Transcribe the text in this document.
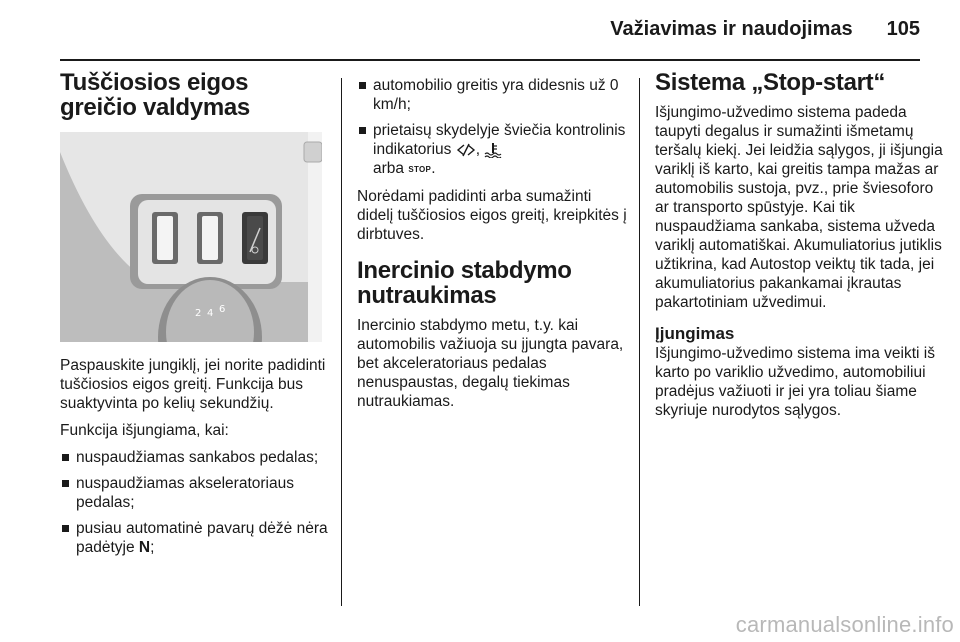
Važiavimas ir naudojimas 105
Tuščiosios eigos greičio valdymas
2 4 6

Paspauskite jungiklį, jei norite padidinti tuščiosios eigos greitį. Funkcija bus suaktyvinta po kelių sekundžių.

Funkcija išjungiama, kai:

nuspaudžiamas sankabos pedalas;
nuspaudžiamas akseleratoriaus pedalas;
pusiau automatinė pavarų dėžė nėra padėtyje N;
automobilio greitis yra didesnis už 0 km/h;
prietaisų skydelyje šviečia kontrolinis indikatorius ,
arba STOP.

Norėdami padidinti arba sumažinti didelį tuščiosios eigos greitį, kreipkitės į dirbtuves.

Inercinio stabdymo nutraukimas

Inercinio stabdymo metu, t.y. kai automobilis važiuoja su įjungta pavara, bet akceleratoriaus pedalas nenuspaustas, degalų tiekimas nutraukiamas.

Sistema „Stop-start“

Išjungimo-užvedimo sistema padeda taupyti degalus ir sumažinti išmetamų teršalų kiekį. Jei leidžia sąlygos, ji išjungia variklį iš karto, kai greitis tampa mažas ar automobilis sustoja, pvz., prie šviesoforo ar transporto spūstyje. Kai tik nuspaudžiama sankaba, sistema užveda variklį automatiškai. Akumuliatorius jutiklis užtikrina, kad Autostop veiktų tik tada, jei akumuliatorius pakankamai įkrautas pakartotiniam užvedimui.

Įjungimas

Išjungimo-užvedimo sistema ima veikti iš karto po variklio užvedimo, automobiliui pradėjus važiuoti ir jei yra toliau šiame skyriuje nurodytos sąlygos.

carmanualsonline.info
